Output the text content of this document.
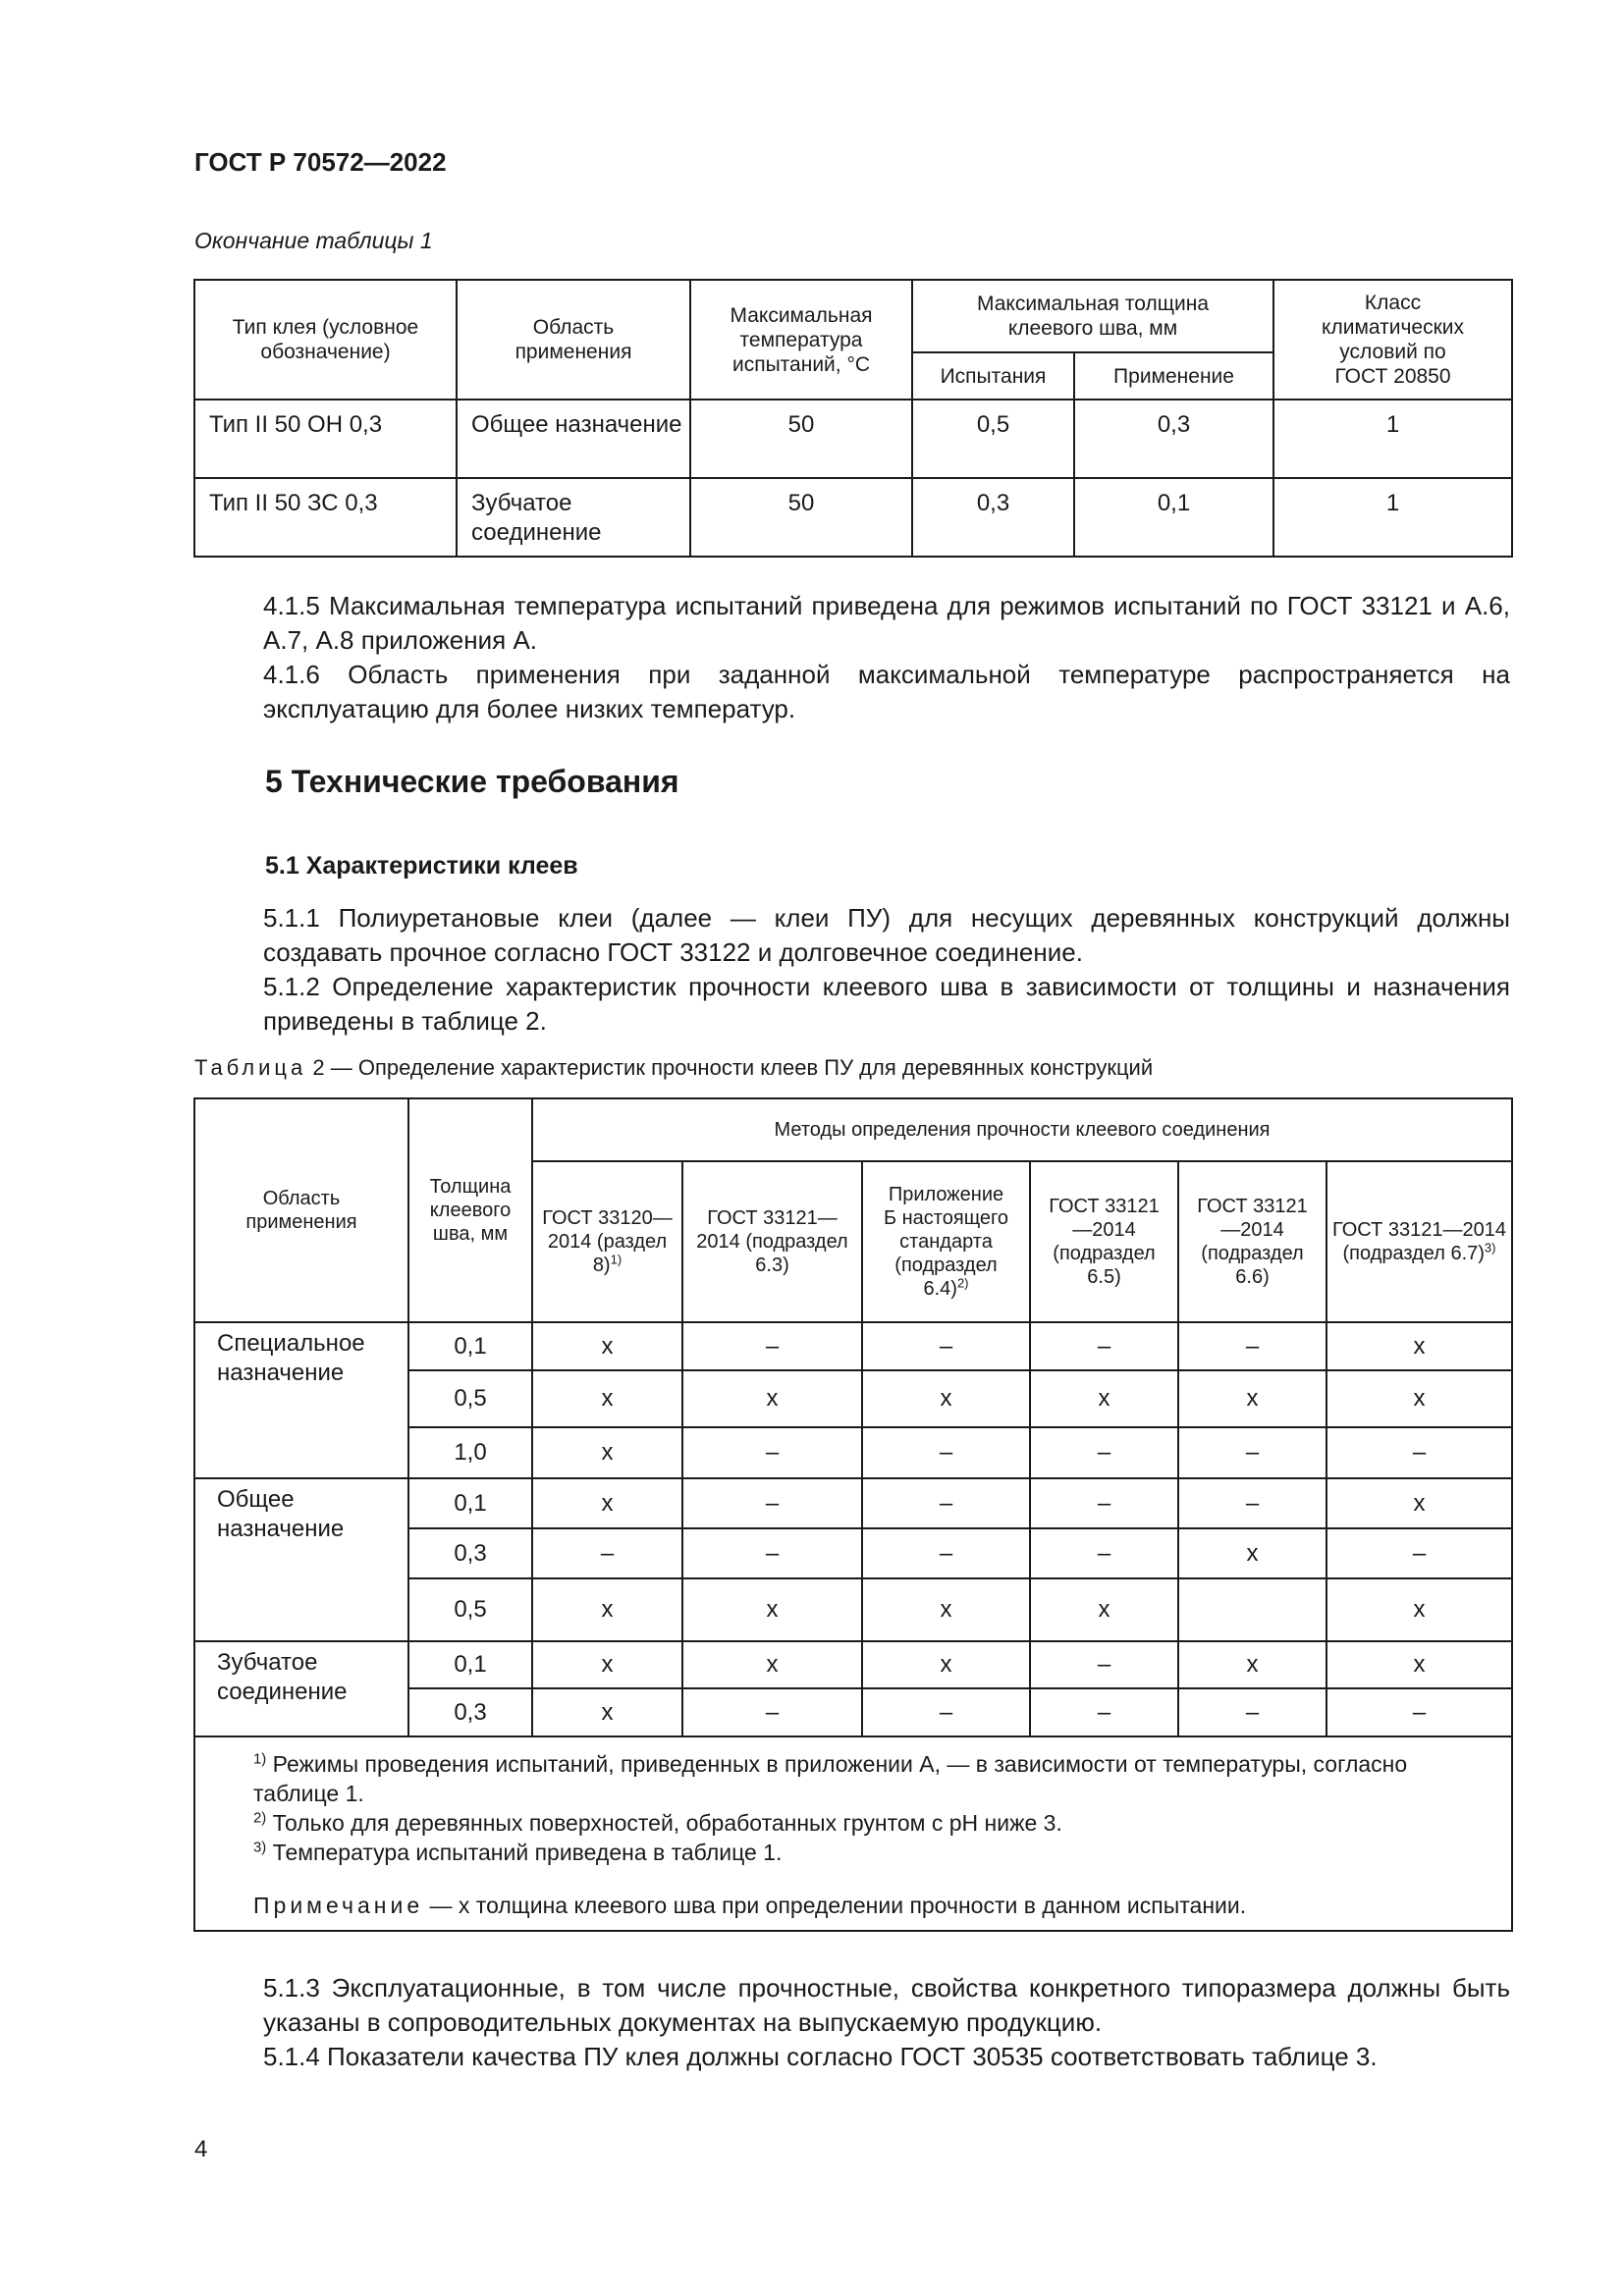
ГОСТ Р 70572—2022
Окончание таблицы 1
Тип клея (условное обозначение)	Область применения	Максимальная температура испытаний, °С	Максимальная толщина клеевого шва, мм		Класс климатических условий по ГОСТ 20850
			Испытания	Применение	
Тип II 50 ОН 0,3	Общее назначение	50	0,5	0,3	1
Тип II 50 ЗС 0,3	Зубчатое соединение	50	0,3	0,1	1
4.1.5 Максимальная температура испытаний приведена для режимов испытаний по ГОСТ 33121 и А.6, А.7, А.8 приложения А.
4.1.6 Область применения при заданной максимальной температуре распространяется на эксплуатацию для более низких температур.
5 Технические требования
5.1 Характеристики клеев
5.1.1 Полиуретановые клеи (далее — клеи ПУ) для несущих деревянных конструкций должны создавать прочное согласно ГОСТ 33122 и долговечное соединение.
5.1.2 Определение характеристик прочности клеевого шва в зависимости от толщины и назначения приведены в таблице 2.
Таблица 2 — Определение характеристик прочности клеев ПУ для деревянных конструкций
Область применения	Толщина клеевого шва, мм	Методы определения прочности клеевого соединения					
		ГОСТ 33120—2014 (раздел 8)$^{1)}$	ГОСТ 33121—2014 (подраздел 6.3)	Приложение Б настоящего стандарта (подраздел 6.4)$^{2)}$	ГОСТ 33121—2014 (подраздел 6.5)	ГОСТ 33121—2014 (подраздел 6.6)	ГОСТ 33121—2014 (подраздел 6.7)$^{3)}$
Специальное назначение	0,1	x	–	–	–	–	x
	0,5	x	x	x	x	x	x
	1,0	x	–	–	–	–	–
Общее назначение	0,1	x	–	–	–	–	x
	0,3	–	–	–	–	x	–
	0,5	x	x	x	x		x
Зубчатое соединение	0,1	x	x	x	–	x	x
	0,3	x	–	–	–	–	–

$^{1)}$ Режимы проведения испытаний, приведенных в приложении А, — в зависимости от температуры, согласно таблице 1.

$^{2)}$ Только для деревянных поверхностей, обработанных грунтом с рН ниже 3.

$^{3)}$ Температура испытаний приведена в таблице 1.

Примечание — x толщина клеевого шва при определении прочности в данном испытании.							

5.1.3 Эксплуатационные, в том числе прочностные, свойства конкретного типоразмера должны быть указаны в сопроводительных документах на выпускаемую продукцию.
5.1.4 Показатели качества ПУ клея должны согласно ГОСТ 30535 соответствовать таблице 3.
4
